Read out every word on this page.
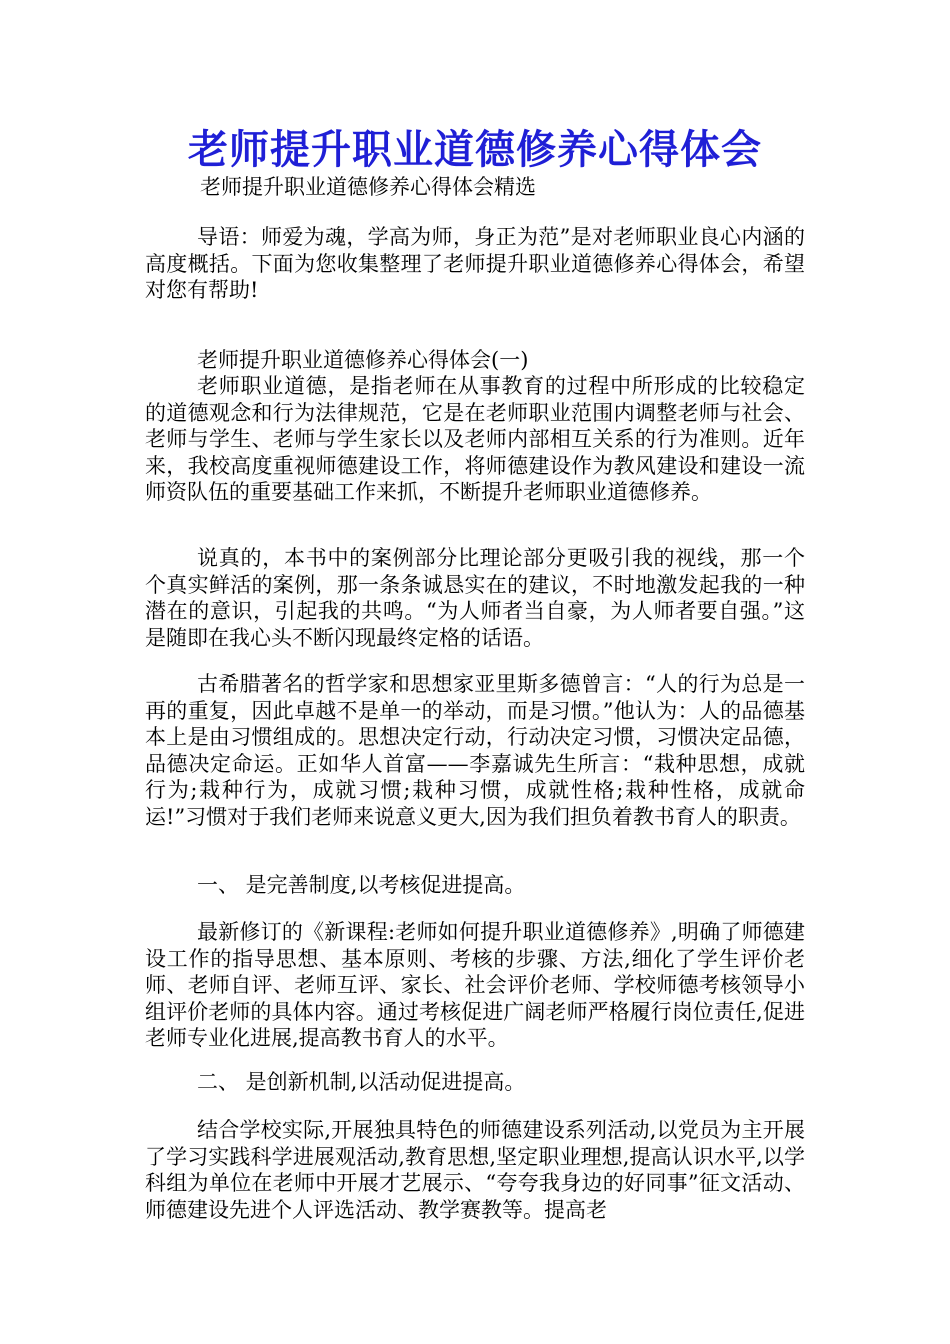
老师提升职业道德修养心得体会

老师提升职业道德修养心得体会精选

导语：师爱为魂，学高为师，身正为范”是对老师职业良心内涵的高度概括。下面为您收集整理了老师提升职业道德修养心得体会，希望对您有帮助!

老师提升职业道德修养心得体会(一)

老师职业道德，是指老师在从事教育的过程中所形成的比较稳定的道德观念和行为法律规范，它是在老师职业范围内调整老师与社会、老师与学生、老师与学生家长以及老师内部相互关系的行为准则。近年来，我校高度重视师德建设工作，将师德建设作为教风建设和建设一流师资队伍的重要基础工作来抓，不断提升老师职业道德修养。

说真的，本书中的案例部分比理论部分更吸引我的视线，那一个个真实鲜活的案例，那一条条诚恳实在的建议，不时地激发起我的一种潜在的意识，引起我的共鸣。“为人师者当自豪，为人师者要自强。”这是随即在我心头不断闪现最终定格的话语。

古希腊著名的哲学家和思想家亚里斯多德曾言：“人的行为总是一再的重复，因此卓越不是单一的举动，而是习惯。”他认为：人的品德基本上是由习惯组成的。思想决定行动，行动决定习惯，习惯决定品德，品德决定命运。正如华人首富——李嘉诚先生所言：“栽种思想，成就行为;栽种行为，成就习惯;栽种习惯，成就性格;栽种性格，成就命运!”习惯对于我们老师来说意义更大,因为我们担负着教书育人的职责。

一、 是完善制度,以考核促进提高。

最新修订的《新课程:老师如何提升职业道德修养》,明确了师德建设工作的指导思想、基本原则、考核的步骤、方法,细化了学生评价老师、老师自评、老师互评、家长、社会评价老师、学校师德考核领导小组评价老师的具体内容。通过考核促进广阔老师严格履行岗位责任,促进老师专业化进展,提高教书育人的水平。

二、 是创新机制,以活动促进提高。

结合学校实际,开展独具特色的师德建设系列活动,以党员为主开展了学习实践科学进展观活动,教育思想,坚定职业理想,提高认识水平,以学科组为单位在老师中开展才艺展示、“夸夸我身边的好同事”征文活动、师德建设先进个人评选活动、教学赛教等。提高老
